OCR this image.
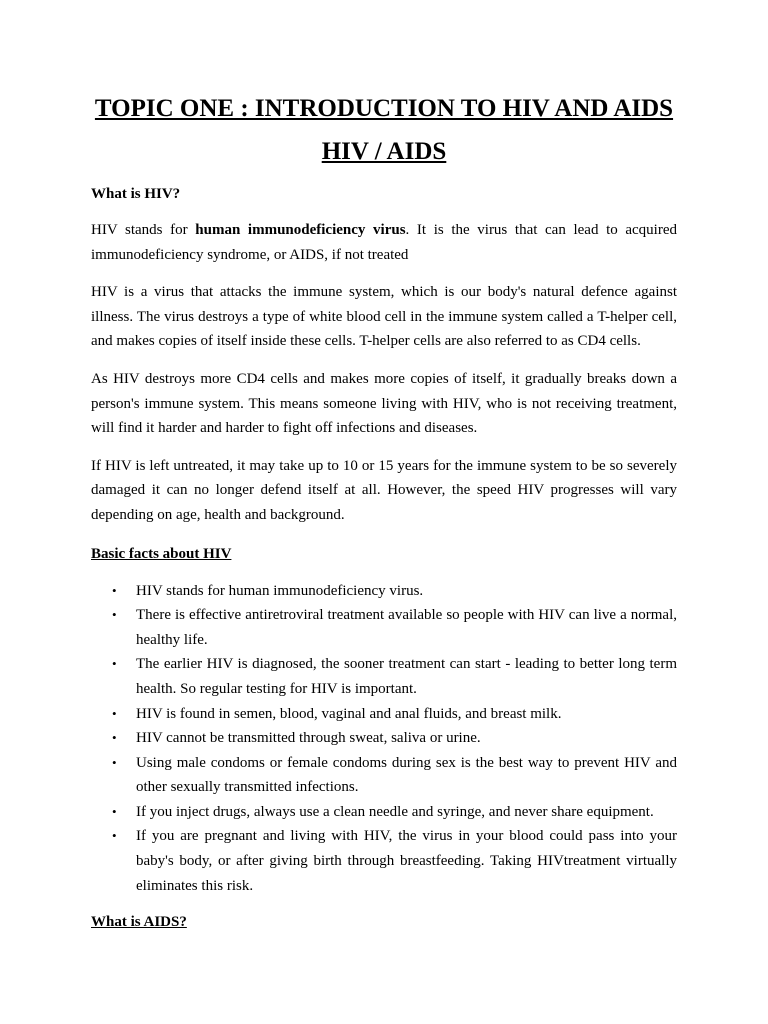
TOPIC ONE : INTRODUCTION TO HIV AND AIDS
HIV / AIDS
What is HIV?

HIV stands for human immunodeficiency virus. It is the virus that can lead to acquired immunodeficiency syndrome, or AIDS, if not treated

HIV is a virus that attacks the immune system, which is our body's natural defence against illness. The virus destroys a type of white blood cell in the immune system called a T-helper cell, and makes copies of itself inside these cells. T-helper cells are also referred to as CD4 cells.

As HIV destroys more CD4 cells and makes more copies of itself, it gradually breaks down a person's immune system. This means someone living with HIV, who is not receiving treatment, will find it harder and harder to fight off infections and diseases.

If HIV is left untreated, it may take up to 10 or 15 years for the immune system to be so severely damaged it can no longer defend itself at all. However, the speed HIV progresses will vary depending on age, health and background.

Basic facts about HIV
• HIV stands for human immunodeficiency virus.
• There is effective antiretroviral treatment available so people with HIV can live a normal, healthy life.
• The earlier HIV is diagnosed, the sooner treatment can start - leading to better long term health. So regular testing for HIV is important.
• HIV is found in semen, blood, vaginal and anal fluids, and breast milk.
• HIV cannot be transmitted through sweat, saliva or urine.
• Using male condoms or female condoms during sex is the best way to prevent HIV and other sexually transmitted infections.
• If you inject drugs, always use a clean needle and syringe, and never share equipment.
• If you are pregnant and living with HIV, the virus in your blood could pass into your baby's body, or after giving birth through breastfeeding. Taking HIVtreatment virtually eliminates this risk.
What is AIDS?
